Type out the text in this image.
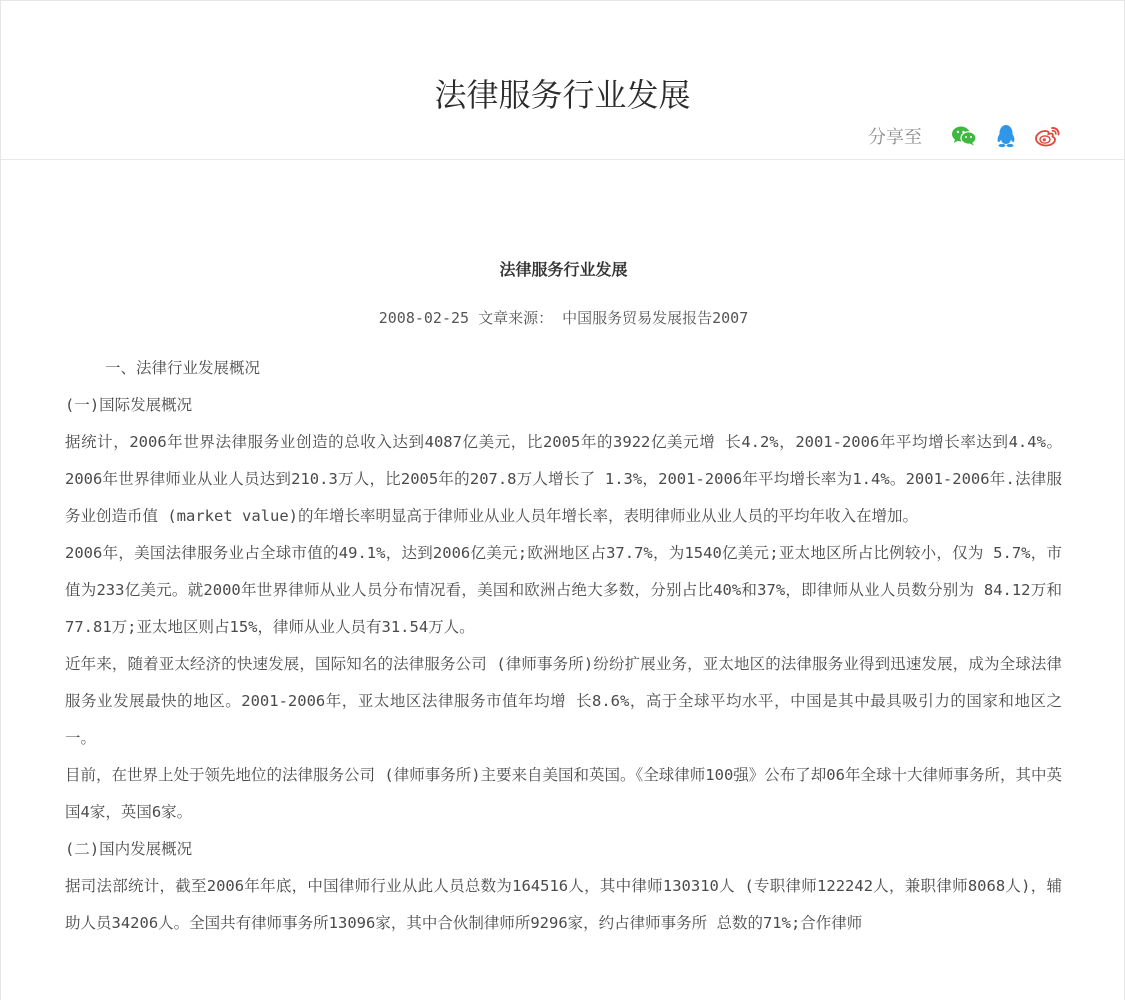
法律服务行业发展
分享至
法律服务行业发展
2008-02-25 文章来源： 中国服务贸易发展报告2007

一、法律行业发展概况

(一)国际发展概况

据统计，2006年世界法律服务业创造的总收入达到4087亿美元，比2005年的3922亿美元增 长4.2%，2001-2006年平均增长率达到4.4%。2006年世界律师业从业人员达到210.3万人，比2005年的207.8万人增长了 1.3%，2001-2006年平均增长率为1.4%。2001-2006年.法律服务业创造币值 (market value)的年增长率明显高于律师业从业人员年增长率，表明律师业从业人员的平均年收入在增加。

2006年，美国法律服务业占全球市值的49.1%，达到2006亿美元;欧洲地区占37.7%，为1540亿美元;亚太地区所占比例较小，仅为 5.7%，市值为233亿美元。就2000年世界律师从业人员分布情况看，美国和欧洲占绝大多数，分别占比40%和37%，即律师从业人员数分别为 84.12万和77.81万;亚太地区则占15%，律师从业人员有31.54万人。

近年来，随着亚太经济的快速发展，国际知名的法律服务公司 (律师事务所)纷纷扩展业务，亚太地区的法律服务业得到迅速发展，成为全球法律服务业发展最快的地区。2001-2006年，亚太地区法律服务市值年均增 长8.6%，高于全球平均水平，中国是其中最具吸引力的国家和地区之一。

目前，在世界上处于领先地位的法律服务公司 (律师事务所)主要来自美国和英国。《全球律师100强》公布了却06年全球十大律师事务所，其中英国4家，英国6家。

(二)国内发展概况

据司法部统计，截至2006年年底，中国律师行业从此人员总数为164516人，其中律师130310人 (专职律师122242人，兼职律师8068人)，辅助人员34206人。全国共有律师事务所13096家，其中合伙制律师所9296家，约占律师事务所 总数的71%;合作律师
